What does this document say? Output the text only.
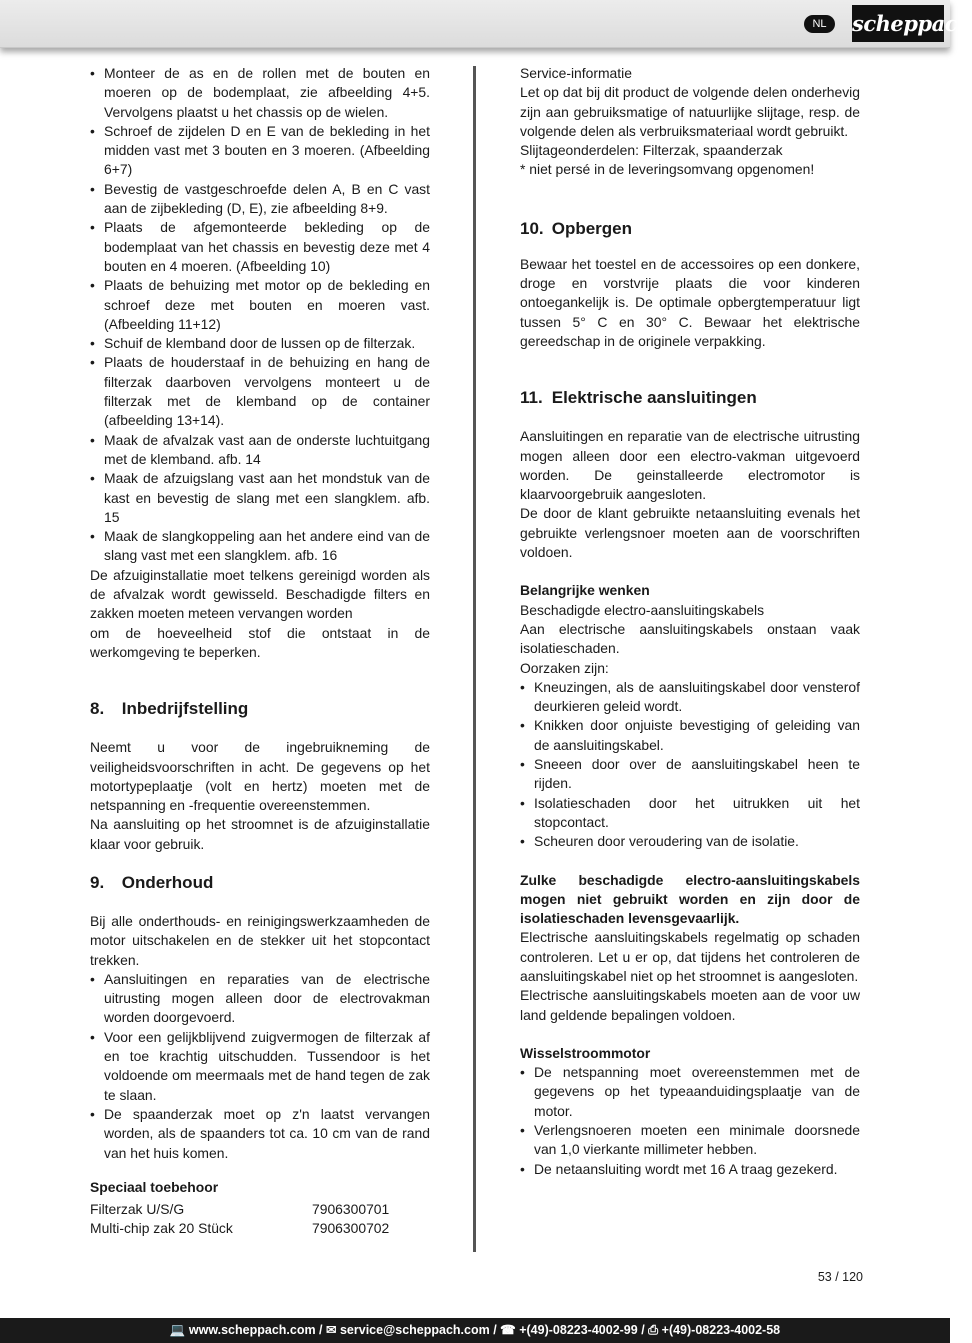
NL	scheppach
• Monteer de as en de rollen met de bouten en moeren op de bodemplaat, zie afbeelding 4+5. Vervolgens plaatst u het chassis op de wielen.
• Schroef de zijdelen D en E van de bekleding in het midden vast met 3 bouten en 3 moeren. (Afbeelding 6+7)
• Bevestig de vastgeschroefde delen A, B en C vast aan de zijbekleding (D, E), zie afbeelding 8+9.
• Plaats de afgemonteerde bekleding op de bodemplaat van het chassis en bevestig deze met 4 bouten en 4 moeren. (Afbeelding 10)
• Plaats de behuizing met motor op de bekleding en schroef deze met bouten en moeren vast. (Afbeelding 11+12)
• Schuif de klemband door de lussen op de filterzak.
• Plaats de houderstaaf in de behuizing en hang de filterzak daarboven vervolgens monteert u de filterzak met de klemband op de container (afbeelding 13+14).
• Maak de afvalzak vast aan de onderste luchtuitgang met de klemband. afb. 14
• Maak de afzuigslang vast aan het mondstuk van de kast en bevestig de slang met een slangklem. afb. 15
• Maak de slangkoppeling aan het andere eind van de slang vast met een slangklem. afb. 16

De afzuiginstallatie moet telkens gereinigd worden als de afvalzak wordt gewisseld. Beschadigde filters en zakken moeten meteen vervangen worden

om de hoeveelheid stof die ontstaat in de werkomgeving te beperken.

8. Inbedrijfstelling

Neemt u voor de ingebruikneming de veiligheidsvoorschriften in acht. De gegevens op het motortypeplaatje (volt en hertz) moeten met de netspanning en -frequentie overeenstemmen.

Na aansluiting op het stroomnet is de afzuiginstallatie klaar voor gebruik.

9. Onderhoud

Bij alle onderthouds- en reinigingswerkzaamheden de motor uitschakelen en de stekker uit het stopcontact trekken.

• Aansluitingen en reparaties van de electrische uitrusting mogen alleen door de electrovakman worden doorgevoerd.
• Voor een gelijkblijvend zuigvermogen de filterzak af en toe krachtig uitschudden. Tussendoor is het voldoende om meermaals met de hand tegen de zak te slaan.
• De spaanderzak moet op z'n laatst vervangen worden, als de spaanders tot ca. 10 cm van de rand van het huis komen.

Speciaal toebehoor

Filterzak U/S/G	7906300701
Multi-chip zak 20 Stück	7906300702

Service-informatie

Let op dat bij dit product de volgende delen onderhevig zijn aan gebruiksmatige of natuurlijke slijtage, resp. de volgende delen als verbruiksmateriaal wordt gebruikt.

Slijtageonderdelen: Filterzak, spaanderzak

* niet persé in de leveringsomvang opgenomen!

10. Opbergen

Bewaar het toestel en de accessoires op een donkere, droge en vorstvrije plaats die voor kinderen ontoegankelijk is. De optimale opbergtemperatuur ligt tussen 5° C en 30° C. Bewaar het elektrische gereedschap in de originele verpakking.

11. Elektrische aansluitingen

Aansluitingen en reparatie van de electrische uitrusting mogen alleen door een electro-vakman uitgevoerd worden. De geinstalleerde electromotor is klaarvoorgebruik aangesloten.

De door de klant gebruikte netaansluiting evenals het gebruikte verlengsnoer moeten aan de voorschriften voldoen.

Belangrijke wenken

Beschadigde electro-aansluitingskabels

Aan electrische aansluitingskabels onstaan vaak isolatieschaden.

Oorzaken zijn:

• Kneuzingen, als de aansluitingskabel door vensterof deurkieren geleid wordt.
• Knikken door onjuiste bevestiging of geleiding van de aansluitingskabel.
• Sneeen door over de aansluitingskabel heen te rijden.
• Isolatieschaden door het uitrukken uit het stopcontact.
• Scheuren door veroudering van de isolatie.

Zulke beschadigde electro-aansluitingskabels mogen niet gebruikt worden en zijn door de isolatieschaden levensgevaarlijk.

Electrische aansluitingskabels regelmatig op schaden controleren. Let u er op, dat tijdens het controleren de aansluitingskabel niet op het stroomnet is aangesloten.

Electrische aansluitingskabels moeten aan de voor uw land geldende bepalingen voldoen.

Wisselstroommotor

• De netspanning moet overeenstemmen met de gegevens op het typeaanduidingsplaatje van de motor.
• Verlengsnoeren moeten een minimale doorsnede van 1,0 vierkante millimeter hebben.
• De netaansluiting wordt met 16 A traag gezekerd.
53 / 120
💻 www.scheppach.com / ✉ service@scheppach.com / ☎ +(49)-08223-4002-99 / ⎙ +(49)-08223-4002-58
